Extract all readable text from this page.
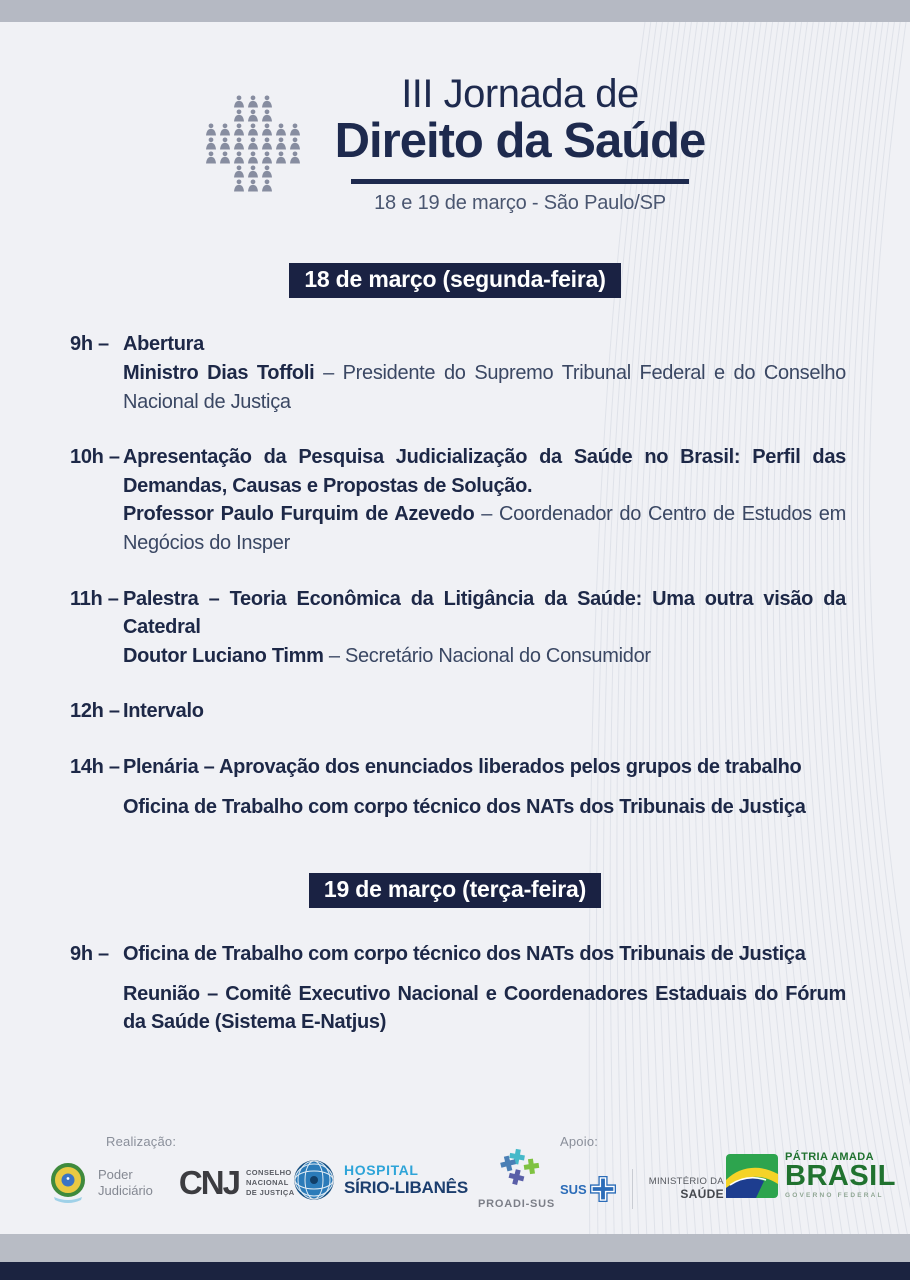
III Jornada de
Direito da Saúde
18 e 19 de março - São Paulo/SP
18 de março (segunda-feira)
9h – Abertura
Ministro Dias Toffoli – Presidente do Supremo Tribunal Federal e do Conselho Nacional de Justiça
10h – Apresentação da Pesquisa Judicialização da Saúde no Brasil: Perfil das Demandas, Causas e Propostas de Solução.
Professor Paulo Furquim de Azevedo – Coordenador do Centro de Estudos em Negócios do Insper
11h – Palestra – Teoria Econômica da Litigância da Saúde: Uma outra visão da Catedral
Doutor Luciano Timm – Secretário Nacional do Consumidor
12h – Intervalo
14h – Plenária – Aprovação dos enunciados liberados pelos grupos de trabalho
Oficina de Trabalho com corpo técnico dos NATs dos Tribunais de Justiça
19 de março (terça-feira)
9h – Oficina de Trabalho com corpo técnico dos NATs dos Tribunais de Justiça
Reunião – Comitê Executivo Nacional e Coordenadores Estaduais do Fórum da Saúde (Sistema E-Natjus)
Realização:
Poder
Judiciário CNJ CONSELHO
NACIONAL
DE JUSTIÇA
HOSPITAL
SÍRIO-LIBANÊS
PROADI-SUS
Apoio:
SUS
MINISTÉRIO DA
SAÚDE
PÁTRIA AMADA
BRASIL
GOVERNO FEDERAL
